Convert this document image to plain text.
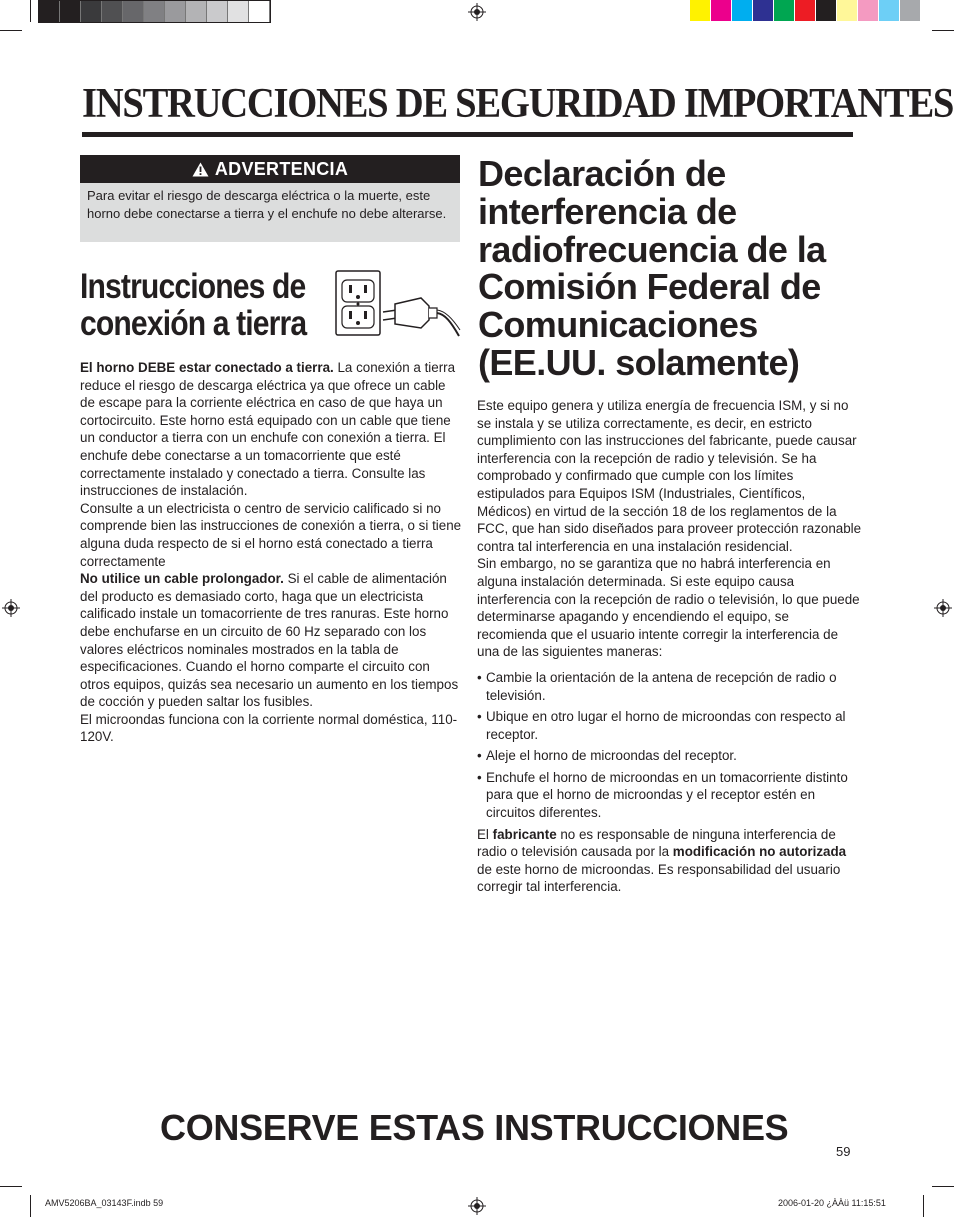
INSTRUCCIONES DE SEGURIDAD IMPORTANTES
ADVERTENCIA
Para evitar el riesgo de descarga eléctrica o la muerte, este horno debe conectarse a tierra y el enchufe no debe alterarse.
Instrucciones de
conexión a tierra

El horno DEBE estar conectado a tierra. La conexión a tierra reduce el riesgo de descarga eléctrica ya que ofrece un cable de escape para la corriente eléctrica en caso de que haya un cortocircuito. Este horno está equipado con un cable que tiene un conductor a tierra con un enchufe con conexión a tierra. El enchufe debe conectarse a un tomacorriente que esté correctamente instalado y conectado a tierra. Consulte las instrucciones de instalación.

Consulte a un electricista o centro de servicio calificado si no comprende bien las instrucciones de conexión a tierra, o si tiene alguna duda respecto de si el horno está conectado a tierra correctamente

No utilice un cable prolongador. Si el cable de alimentación del producto es demasiado corto, haga que un electricista calificado instale un tomacorriente de tres ranuras. Este horno debe enchufarse en un circuito de 60 Hz separado con los valores eléctricos nominales mostrados en la tabla de especificaciones. Cuando el horno comparte el circuito con otros equipos, quizás sea necesario un aumento en los tiempos de cocción y pueden saltar los fusibles.

El microondas funciona con la corriente normal doméstica, 110-120V.

Declaración de
interferencia de
radiofrecuencia de la
Comisión Federal de
Comunicaciones
(EE.UU. solamente)

Este equipo genera y utiliza energía de frecuencia ISM, y si no se instala y se utiliza correctamente, es decir, en estricto cumplimiento con las instrucciones del fabricante, puede causar interferencia con la recepción de radio y televisión. Se ha comprobado y confirmado que cumple con los límites estipulados para Equipos ISM (Industriales, Científicos, Médicos) en virtud de la sección 18 de los reglamentos de la FCC, que han sido diseñados para proveer protección razonable contra tal interferencia en una instalación residencial.

Sin embargo, no se garantiza que no habrá interferencia en alguna instalación determinada. Si este equipo causa interferencia con la recepción de radio o televisión, lo que puede determinarse apagando y encendiendo el equipo, se recomienda que el usuario intente corregir la interferencia de una de las siguientes maneras:

• Cambie la orientación de la antena de recepción de radio o televisión.
• Ubique en otro lugar el horno de microondas con respecto al receptor.
• Aleje el horno de microondas del receptor.
• Enchufe el horno de microondas en un tomacorriente distinto para que el horno de microondas y el receptor estén en circuitos diferentes.

El fabricante no es responsable de ninguna interferencia de radio o televisión causada por la modificación no autorizada de este horno de microondas. Es responsabilidad del usuario corregir tal interferencia.

CONSERVE ESTAS INSTRUCCIONES
59
AMV5206BA_03143F.indb 59	2006-01-20 ¿ÀÀü 11:15:51
